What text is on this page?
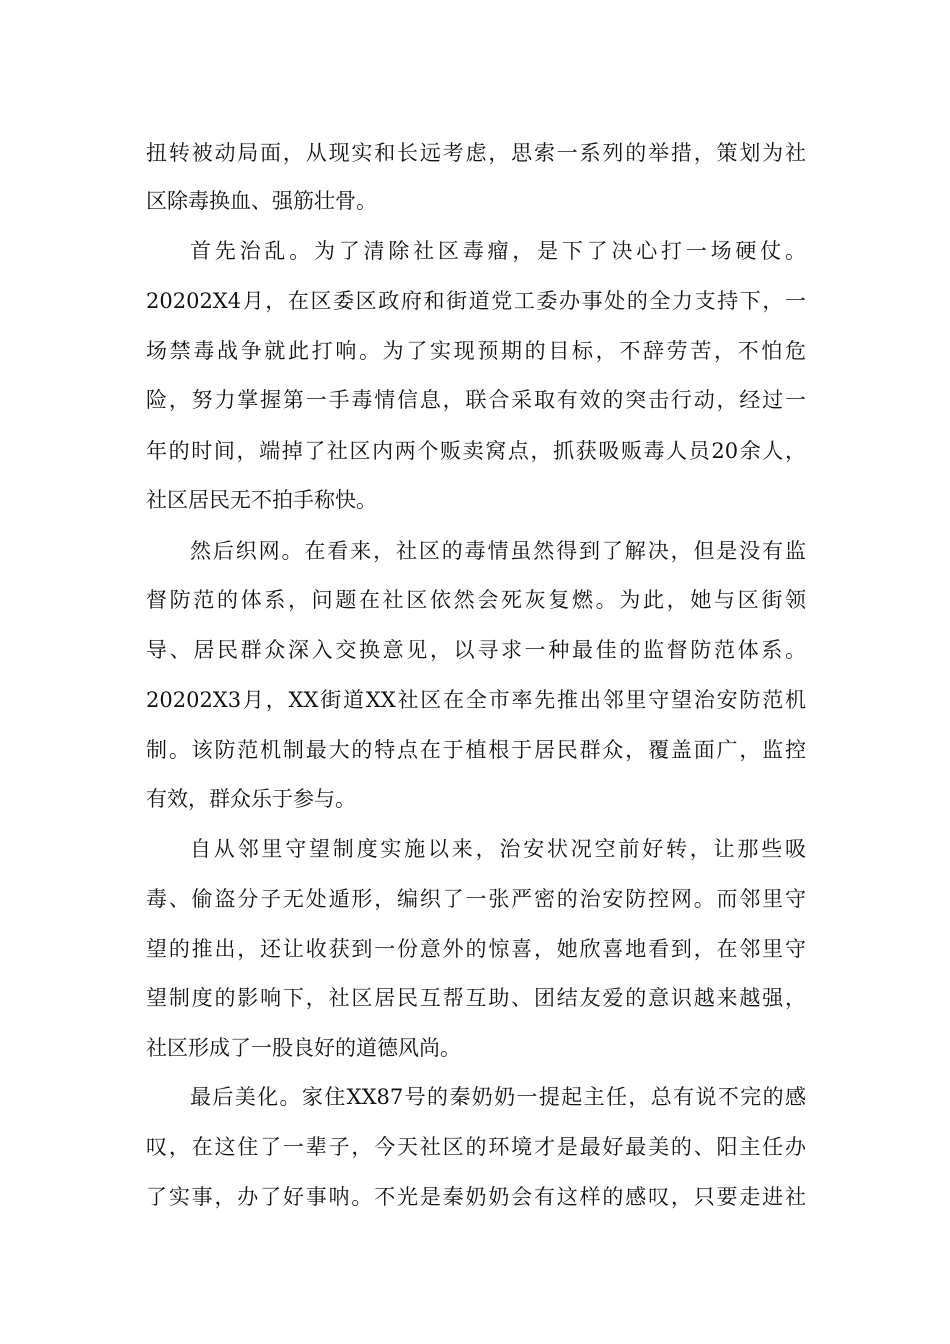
扭转被动局面，从现实和长远考虑，思索一系列的举措，策划为社
区除毒换血、强筋壮骨。
首先治乱。为了清除社区毒瘤，是下了决心打一场硬仗。
20202X4月，在区委区政府和街道党工委办事处的全力支持下，一
场禁毒战争就此打响。为了实现预期的目标，不辞劳苦，不怕危
险，努力掌握第一手毒情信息，联合采取有效的突击行动，经过一
年的时间，端掉了社区内两个贩卖窝点，抓获吸贩毒人员20余人，
社区居民无不拍手称快。
然后织网。在看来，社区的毒情虽然得到了解决，但是没有监
督防范的体系，问题在社区依然会死灰复燃。为此，她与区街领
导、居民群众深入交换意见，以寻求一种最佳的监督防范体系。
20202X3月，XX街道XX社区在全市率先推出邻里守望治安防范机
制。该防范机制最大的特点在于植根于居民群众，覆盖面广，监控
有效，群众乐于参与。
自从邻里守望制度实施以来，治安状况空前好转，让那些吸
毒、偷盗分子无处遁形，编织了一张严密的治安防控网。而邻里守
望的推出，还让收获到一份意外的惊喜，她欣喜地看到，在邻里守
望制度的影响下，社区居民互帮互助、团结友爱的意识越来越强，
社区形成了一股良好的道德风尚。
最后美化。家住XX87号的秦奶奶一提起主任，总有说不完的感
叹，在这住了一辈子，今天社区的环境才是最好最美的、阳主任办
了实事，办了好事呐。不光是秦奶奶会有这样的感叹，只要走进社
